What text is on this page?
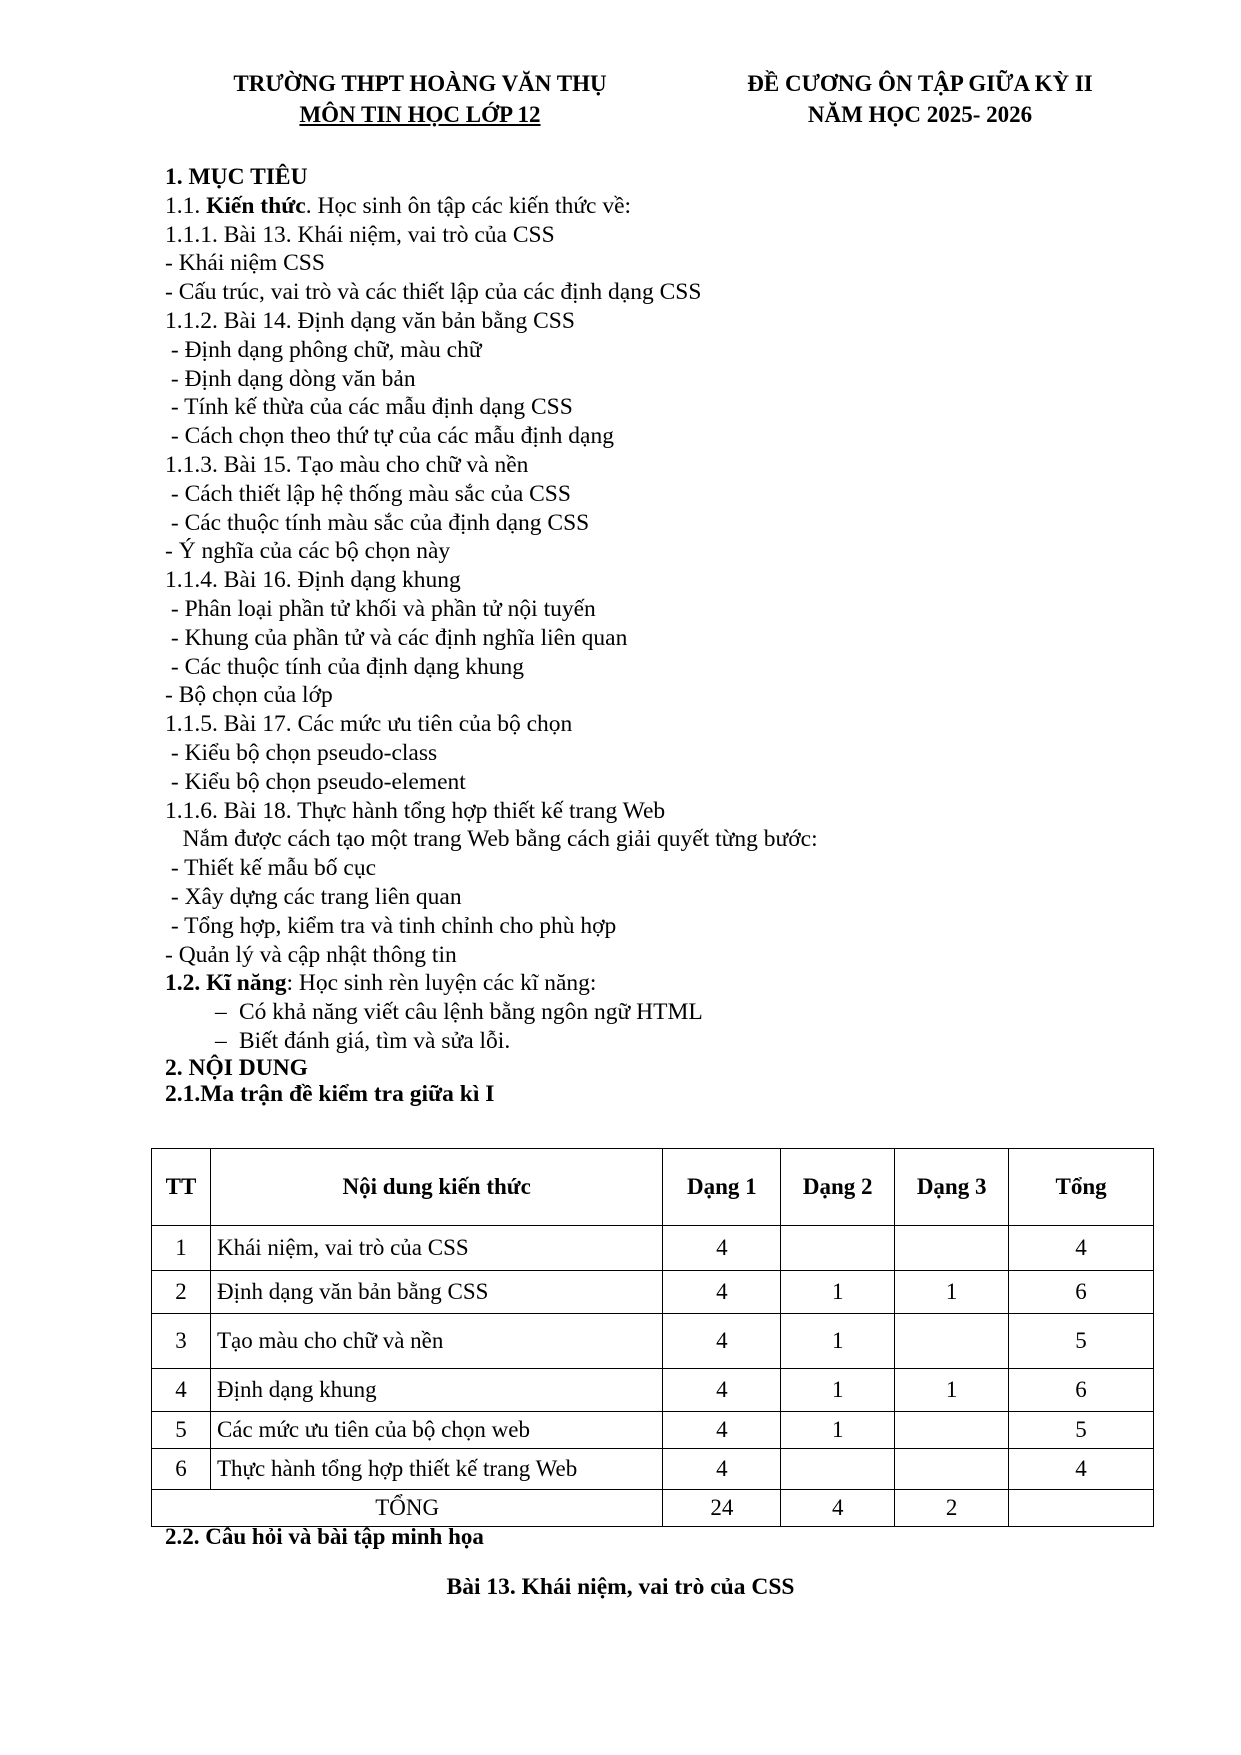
TRƯỜNG THPT HOÀNG VĂN THỤ
MÔN TIN HỌC LỚP 12
ĐỀ CƯƠNG ÔN TẬP GIỮA KỲ II
NĂM HỌC 2025- 2026
1. MỤC TIÊU
1.1. Kiến thức. Học sinh ôn tập các kiến thức về:
1.1.1. Bài 13. Khái niệm, vai trò của CSS
- Khái niệm CSS
- Cấu trúc, vai trò và các thiết lập của các định dạng CSS
1.1.2. Bài 14. Định dạng văn bản bằng CSS
- Định dạng phông chữ, màu chữ
- Định dạng dòng văn bản
- Tính kế thừa của các mẫu định dạng CSS
- Cách chọn theo thứ tự của các mẫu định dạng
1.1.3. Bài 15. Tạo màu cho chữ và nền
- Cách thiết lập hệ thống màu sắc của CSS
- Các thuộc tính màu sắc của định dạng CSS
- Ý nghĩa của các bộ chọn này
1.1.4. Bài 16. Định dạng khung
- Phân loại phần tử khối và phần tử nội tuyến
- Khung của phần tử và các định nghĩa liên quan
- Các thuộc tính của định dạng khung
- Bộ chọn của lớp
1.1.5. Bài 17. Các mức ưu tiên của bộ chọn
- Kiểu bộ chọn pseudo-class
- Kiểu bộ chọn pseudo-element
1.1.6. Bài 18. Thực hành tổng hợp thiết kế trang Web
Nắm được cách tạo một trang Web bằng cách giải quyết từng bước:
- Thiết kế mẫu bố cục
- Xây dựng các trang liên quan
- Tổng hợp, kiểm tra và tinh chỉnh cho phù hợp
- Quản lý và cập nhật thông tin
1.2. Kĩ năng: Học sinh rèn luyện các kĩ năng:
– Có khả năng viết câu lệnh bằng ngôn ngữ HTML
– Biết đánh giá, tìm và sửa lỗi.
2. NỘI DUNG
2.1.Ma trận đề kiểm tra giữa kì I
TT	Nội dung kiến thức	Dạng 1	Dạng 2	Dạng 3	Tổng
1	Khái niệm, vai trò của CSS	4			4
2	Định dạng văn bản bằng CSS	4	1	1	6
3	Tạo màu cho chữ và nền	4	1		5
4	Định dạng khung	4	1	1	6
5	Các mức ưu tiên của bộ chọn web	4	1		5
6	Thực hành tổng hợp thiết kế trang Web	4			4
TỔNG		24	4	2	
2.2. Câu hỏi và bài tập minh họa
Bài 13. Khái niệm, vai trò của CSS
